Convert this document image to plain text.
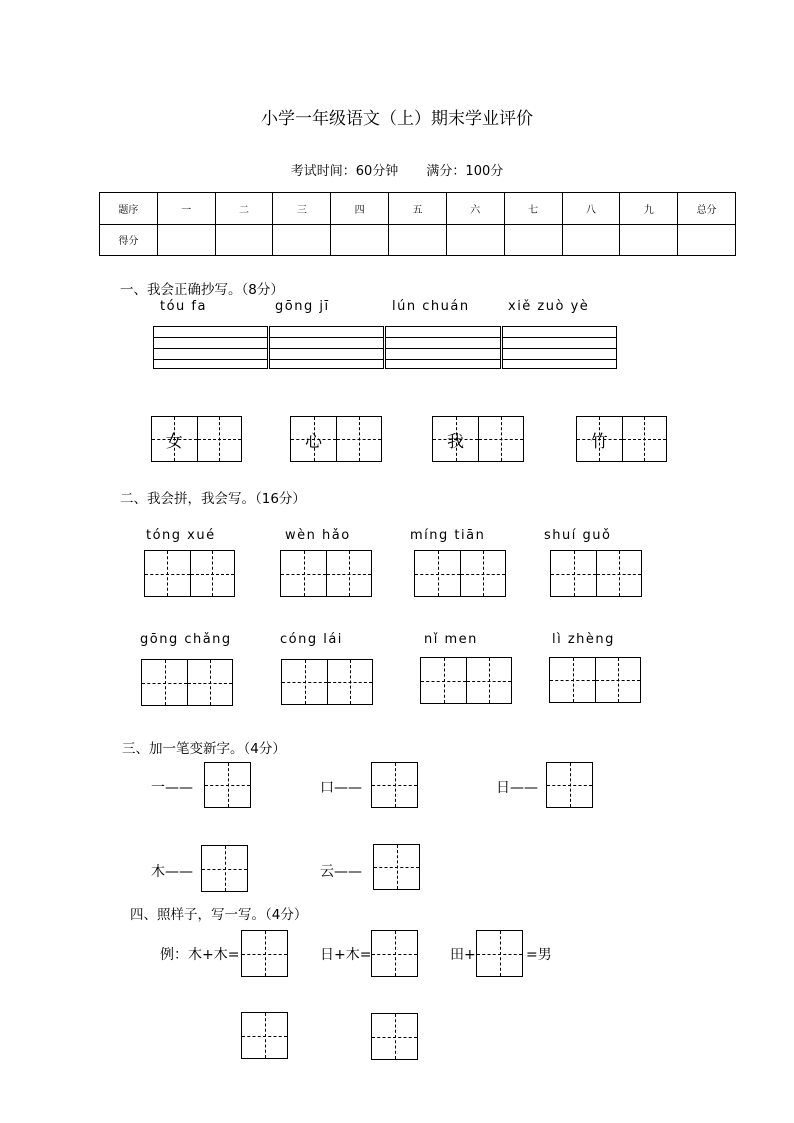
小学一年级语文（上）期末学业评价
考试时间：60分钟 满分：100分
题序	一	二	三	四	五	六	七	八	九	总分
得分										
一、我会正确抄写。（8分）
tóu fa	gōng jī	lún chuán	xiě zuò yè
女	心	我	竹
二、我会拼，我会写。（16分）
tóng xué	wèn hǎo	míng tiān	shuí guǒ
gōng chǎng	cóng lái	nǐ men	lì zhèng
三、加一笔变新字。（4分）
一——	口——	日——
木——	云——
四、照样子，写一写。（4分）
例：木+木=	日+木=	田+	=男
